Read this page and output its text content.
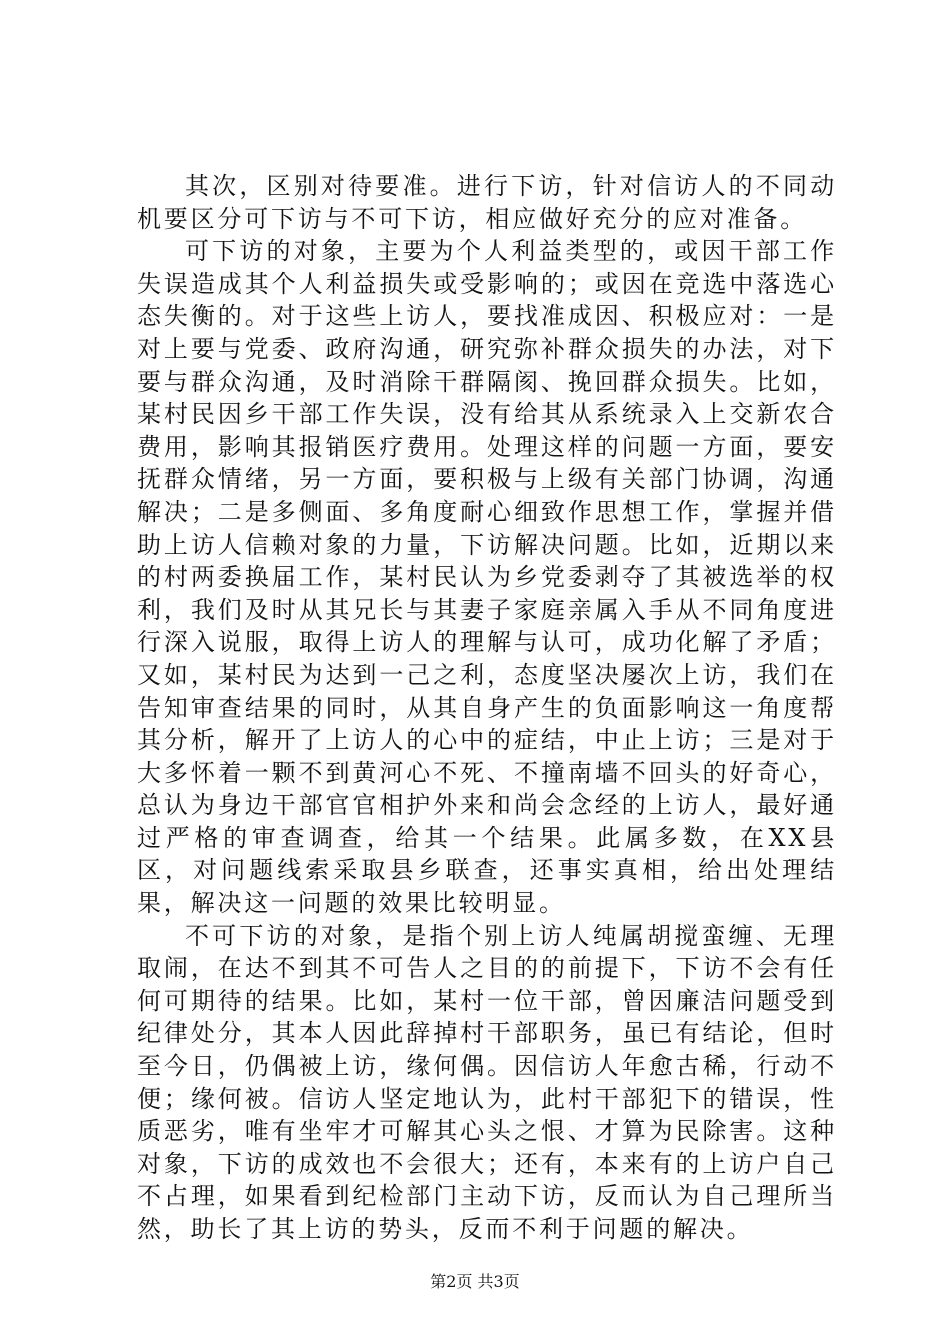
其次，区别对待要准。进行下访，针对信访人的不同动机要区分可下访与不可下访，相应做好充分的应对准备。

可下访的对象，主要为个人利益类型的，或因干部工作失误造成其个人利益损失或受影响的；或因在竞选中落选心态失衡的。对于这些上访人，要找准成因、积极应对：一是对上要与党委、政府沟通，研究弥补群众损失的办法，对下要与群众沟通，及时消除干群隔阂、挽回群众损失。比如，某村民因乡干部工作失误，没有给其从系统录入上交新农合费用，影响其报销医疗费用。处理这样的问题一方面，要安抚群众情绪，另一方面，要积极与上级有关部门协调，沟通解决；二是多侧面、多角度耐心细致作思想工作，掌握并借助上访人信赖对象的力量，下访解决问题。比如，近期以来的村两委换届工作，某村民认为乡党委剥夺了其被选举的权利，我们及时从其兄长与其妻子家庭亲属入手从不同角度进行深入说服，取得上访人的理解与认可，成功化解了矛盾；又如，某村民为达到一己之利，态度坚决屡次上访，我们在告知审查结果的同时，从其自身产生的负面影响这一角度帮其分析，解开了上访人的心中的症结，中止上访；三是对于大多怀着一颗不到黄河心不死、不撞南墙不回头的好奇心，总认为身边干部官官相护外来和尚会念经的上访人，最好通过严格的审查调查，给其一个结果。此属多数，在XX县区，对问题线索采取县乡联查，还事实真相，给出处理结果，解决这一问题的效果比较明显。

不可下访的对象，是指个别上访人纯属胡搅蛮缠、无理取闹，在达不到其不可告人之目的的前提下，下访不会有任何可期待的结果。比如，某村一位干部，曾因廉洁问题受到纪律处分，其本人因此辞掉村干部职务，虽已有结论，但时至今日，仍偶被上访，缘何偶。因信访人年愈古稀，行动不便；缘何被。信访人坚定地认为，此村干部犯下的错误，性质恶劣，唯有坐牢才可解其心头之恨、才算为民除害。这种对象，下访的成效也不会很大；还有，本来有的上访户自己不占理，如果看到纪检部门主动下访，反而认为自己理所当然，助长了其上访的势头，反而不利于问题的解决。

第2页 共3页
